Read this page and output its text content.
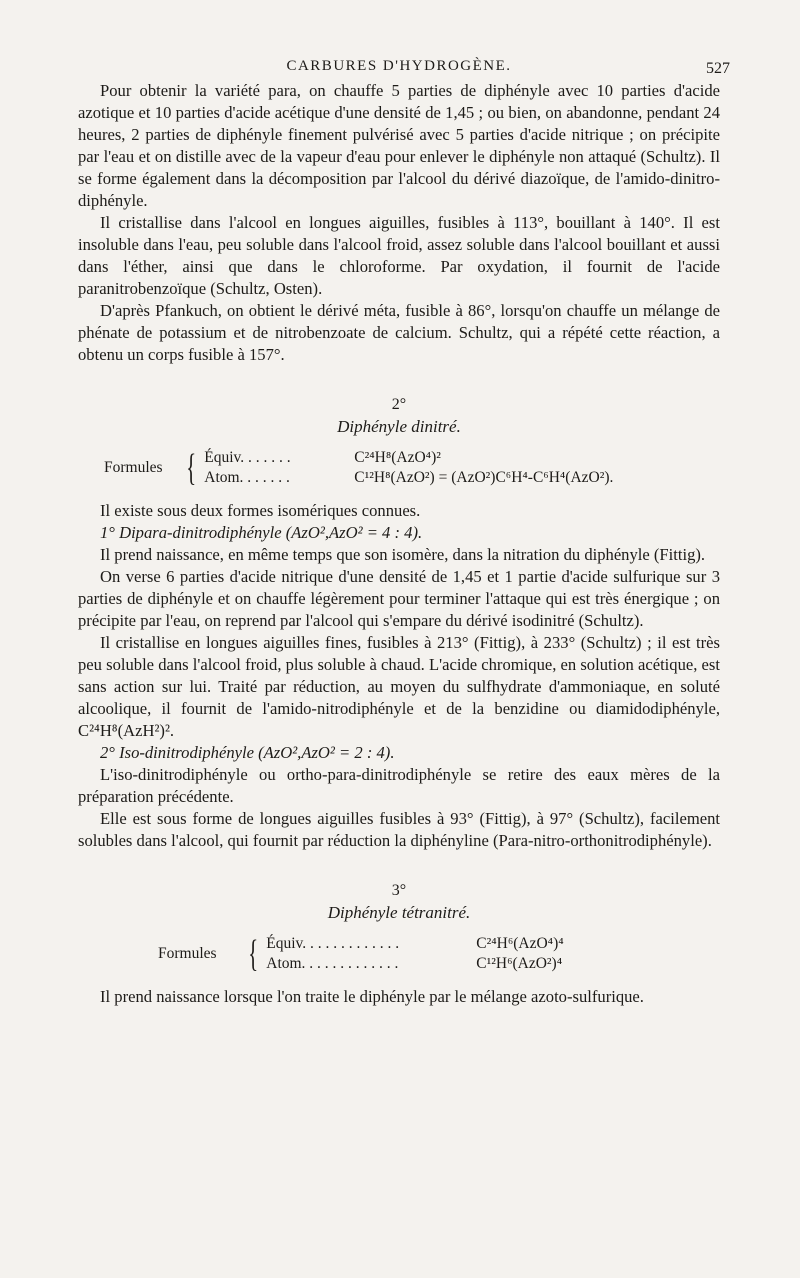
CARBURES D'HYDROGÈNE.	527

Pour obtenir la variété para, on chauffe 5 parties de diphényle avec 10 parties d'acide azotique et 10 parties d'acide acétique d'une densité de 1,45 ; ou bien, on abandonne, pendant 24 heures, 2 parties de diphényle finement pulvérisé avec 5 parties d'acide nitrique ; on précipite par l'eau et on distille avec de la vapeur d'eau pour enlever le diphényle non attaqué (Schultz). Il se forme également dans la décomposition par l'alcool du dérivé diazoïque, de l'amido-dinitro-diphényle.

Il cristallise dans l'alcool en longues aiguilles, fusibles à 113°, bouillant à 140°. Il est insoluble dans l'eau, peu soluble dans l'alcool froid, assez soluble dans l'alcool bouillant et aussi dans l'éther, ainsi que dans le chloroforme. Par oxydation, il fournit de l'acide paranitrobenzoïque (Schultz, Osten).

D'après Pfankuch, on obtient le dérivé méta, fusible à 86°, lorsqu'on chauffe un mélange de phénate de potassium et de nitrobenzoate de calcium. Schultz, qui a répété cette réaction, a obtenu un corps fusible à 157°.

2°
Diphényle dinitré.
Formules { Équiv. . . . . . .	C²⁴H⁸(AzO⁴)²
Atom. . . . . . .	C¹²H⁸(AzO²) = (AzO²)C⁶H⁴-C⁶H⁴(AzO²).

Il existe sous deux formes isomériques connues.

1° Dipara-dinitrodiphényle (AzO²,AzO² = 4 : 4).

Il prend naissance, en même temps que son isomère, dans la nitration du diphényle (Fittig).

On verse 6 parties d'acide nitrique d'une densité de 1,45 et 1 partie d'acide sulfurique sur 3 parties de diphényle et on chauffe légèrement pour terminer l'attaque qui est très énergique ; on précipite par l'eau, on reprend par l'alcool qui s'empare du dérivé isodinitré (Schultz).

Il cristallise en longues aiguilles fines, fusibles à 213° (Fittig), à 233° (Schultz) ; il est très peu soluble dans l'alcool froid, plus soluble à chaud. L'acide chromique, en solution acétique, est sans action sur lui. Traité par réduction, au moyen du sulfhydrate d'ammoniaque, en soluté alcoolique, il fournit de l'amido-nitrodiphényle et de la benzidine ou diamidodiphényle, C²⁴H⁸(AzH²)².

2° Iso-dinitrodiphényle (AzO²,AzO² = 2 : 4).

L'iso-dinitrodiphényle ou ortho-para-dinitrodiphényle se retire des eaux mères de la préparation précédente.

Elle est sous forme de longues aiguilles fusibles à 93° (Fittig), à 97° (Schultz), facilement solubles dans l'alcool, qui fournit par réduction la diphényline (Para-nitro-orthonitrodiphényle).

3°
Diphényle tétranitré.
Formules { Équiv. . . . . . . . . . . . .	C²⁴H⁶(AzO⁴)⁴
Atom. . . . . . . . . . . . .	C¹²H⁶(AzO²)⁴

Il prend naissance lorsque l'on traite le diphényle par le mélange azoto-sulfurique.
